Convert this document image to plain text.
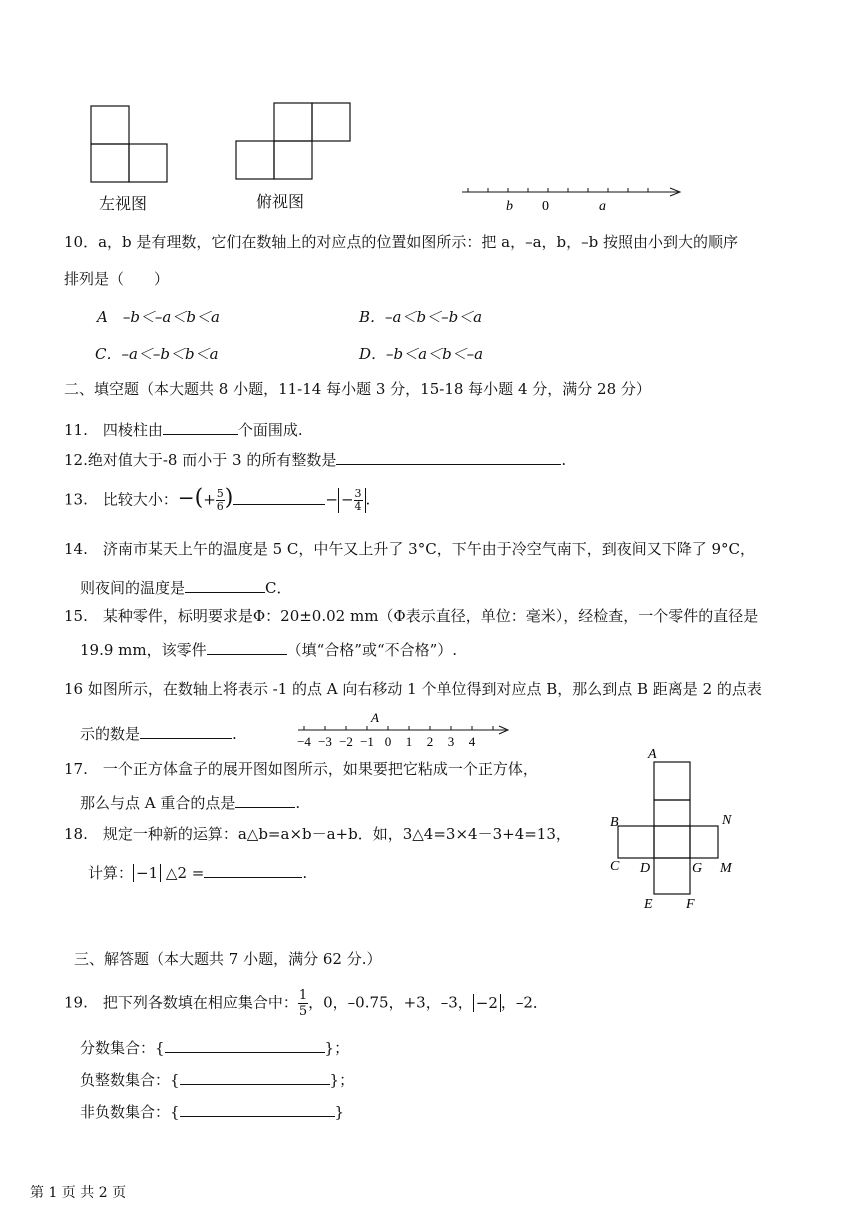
左视图	俯视图	b 0	a
10．a，b 是有理数，它们在数轴上的对应点的位置如图所示：把 a，–a，b，–b 按照由小到大的顺序
排列是（　　）
A　–b＜–a＜b＜a	B．–a＜b＜–b＜a
C．–a＜–b＜b＜a	D．–b＜a＜b＜–a
二、填空题（本大题共 8 小题，11-14 每小题 3 分，15-18 每小题 4 分，满分 28 分）
11.　四棱柱由	个面围成.
12.绝对值大于-8 而小于 3 的所有整数是	.
13.　比较大小：−(+ $\frac{5}{6}$ )	− − $\frac{3}{4}$ .
14.　济南市某天上午的温度是 5 C，中午又上升了 3°C，下午由于冷空气南下，到夜间又下降了 9°C，
则夜间的温度是	C．
15.　某种零件，标明要求是Φ：20±0.02 mm（Φ表示直径，单位：毫米），经检查，一个零件的直径是
19.9 mm，该零件	（填“合格”或“不合格”）.
16 如图所示，在数轴上将表示 -1 的点 A 向右移动 1 个单位得到对应点 B，那么到点 B 距离是 2 的点表
示的数是	.
A
−4 −3 −2 −1 0 1 2 3 4
17.　一个正方体盒子的展开图如图所示，如果要把它粘成一个正方体，
那么与点 A 重合的点是	.
A
B	N
C D	G M
E F
18.　规定一种新的运算：a△b=a×b－a+b．如，3△4=3×4－3+4=13，
计算： −1 △2 =	.
三、解答题（本大题共 7 小题，满分 62 分.）
19.　把下列各数填在相应集合中： $\frac{1}{5}$ ，0，–0.75，+3，–3， −2 ，–2．
分数集合：{	}；
负整数集合：{	}；
非负数集合：{	}
第 1 页 共 2 页
